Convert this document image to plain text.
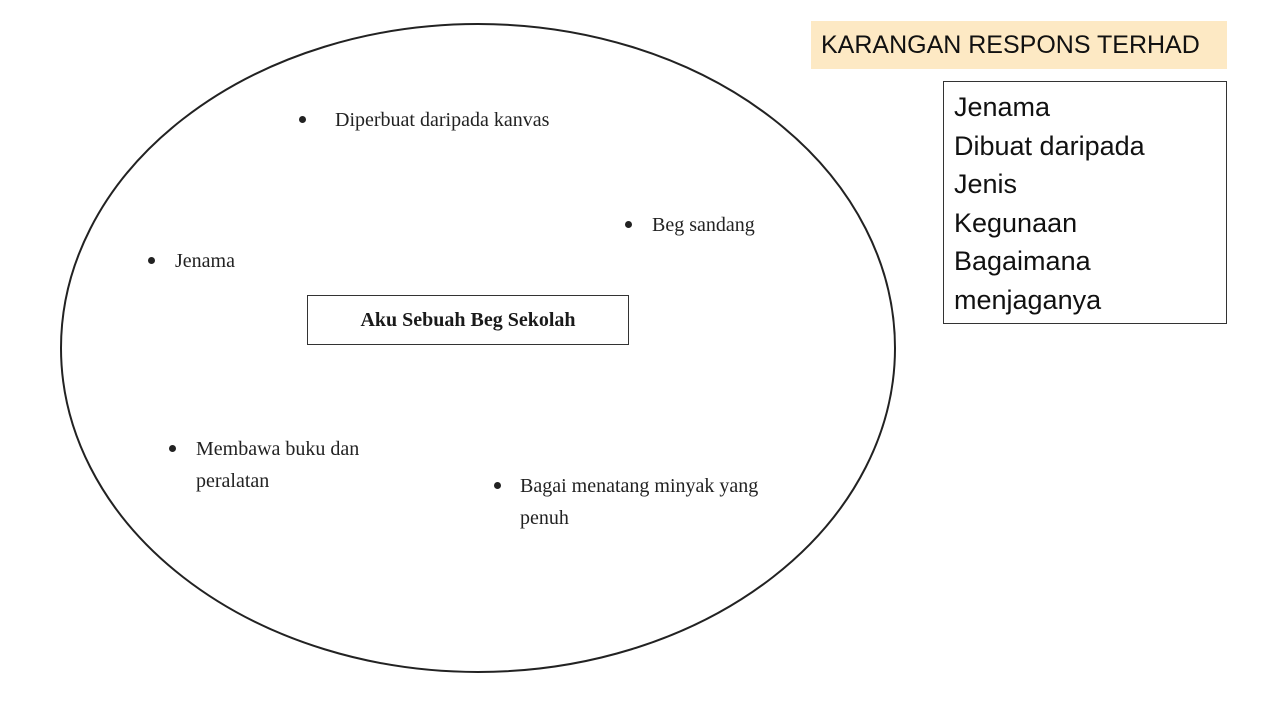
Diperbuat daripada kanvas
Beg sandang
Jenama
Aku Sebuah Beg Sekolah
Membawa buku dan peralatan	Bagai menatang minyak yang penuh
KARANGAN RESPONS TERHAD
Jenama
Dibuat daripada
Jenis
Kegunaan
Bagaimana
menjaganya
